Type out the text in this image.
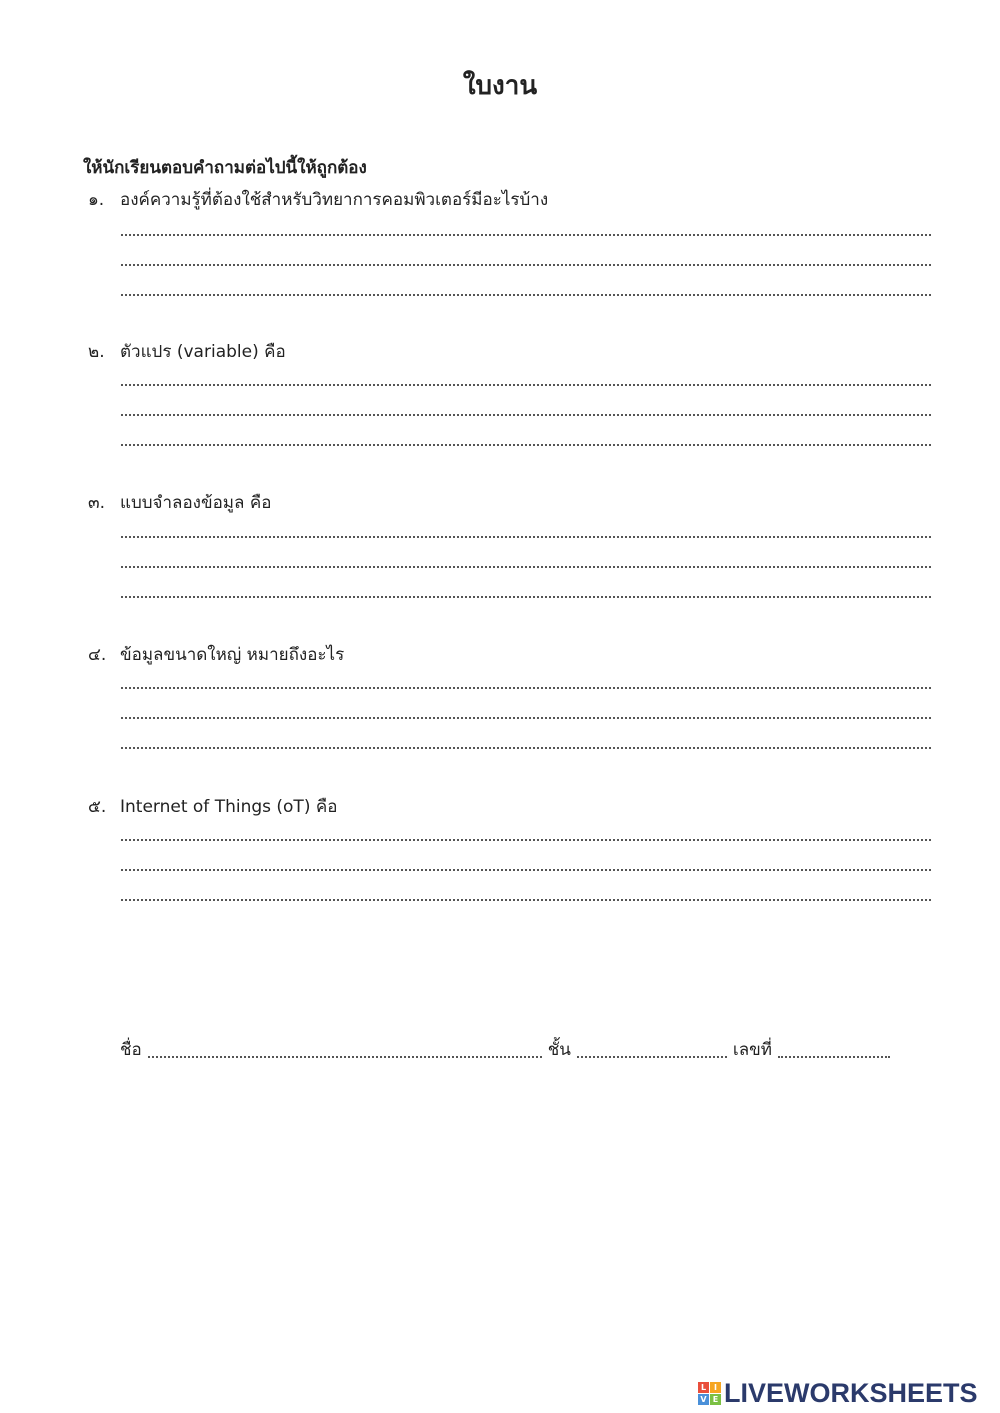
ใบงาน
ให้นักเรียนตอบคำถามต่อไปนี้ให้ถูกต้อง
๑. องค์ความรู้ที่ต้องใช้สำหรับวิทยาการคอมพิวเตอร์มีอะไรบ้าง
๒. ตัวแปร (variable) คือ
๓. แบบจำลองข้อมูล คือ
๔. ข้อมูลขนาดใหญ่ หมายถึงอะไร
๕. Internet of Things (oT) คือ
ชื่อ	ชั้น	เลขที่
L I
V E LIVEWORKSHEETS
